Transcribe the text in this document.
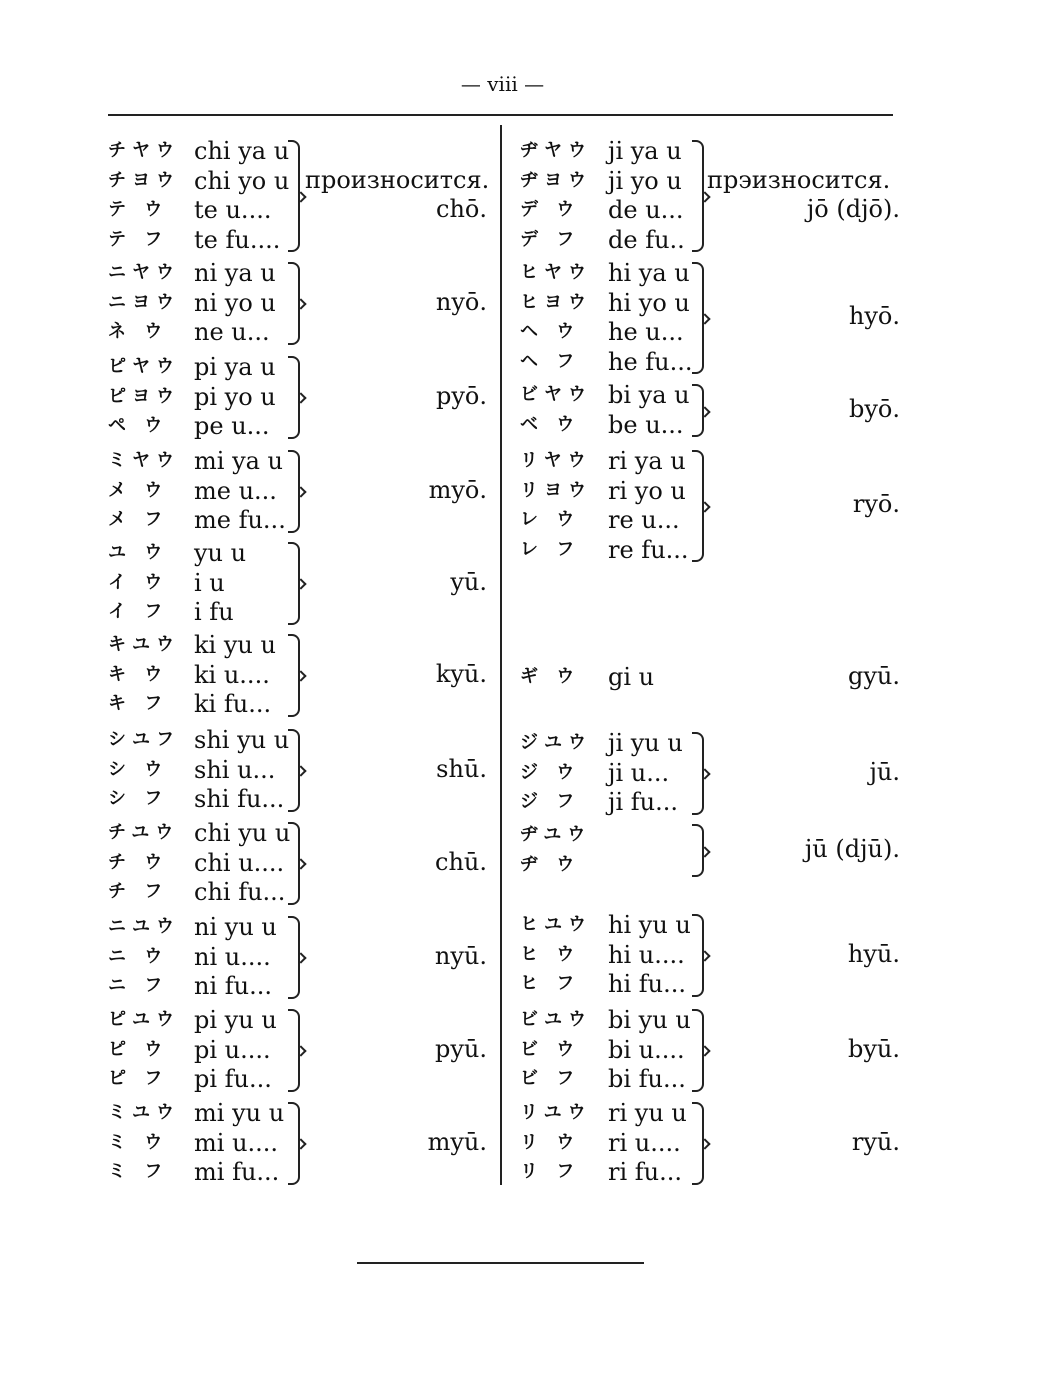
— viii —
チヤウ chi ya u
チヨウ chi yo u
テ ウ te u....
テ フ te fu....
произносится.
chō.
ニヤウ ni ya u
ニヨウ ni yo u
ネ ウ ne u...
nyō.
ピヤウ pi ya u
ピヨウ pi yo u
ペ ウ pe u...
pyō.
ミヤウ mi ya u
メ ウ me u...
メ フ me fu...
myō.
ユ ウ yu u
イ ウ i u
イ フ i fu
yū.
キユウ ki yu u
キ ウ ki u....
キ フ ki fu...
kyū.
シユフ shi yu u
シ ウ shi u...
シ フ shi fu...
shū.
チユウ chi yu u
チ ウ chi u....
チ フ chi fu...
chū.
ニユウ ni yu u
ニ ウ ni u....
ニ フ ni fu...
nyū.
ピユウ pi yu u
ピ ウ pi u....
ピ フ pi fu...
pyū.
ミユウ mi yu u
ミ ウ mi u....
ミ フ mi fu...
myū.
ヂヤウ ji ya u
ヂヨウ ji yo u
デ ウ de u...
デ フ de fu..
прэизносится.
jō (djō).
ヒヤウ hi ya u
ヒヨウ hi yo u
ヘ ウ he u...
ヘ フ he fu...
hyō.
ビヤウ bi ya u
ベ ウ be u...
byō.
リヤウ ri ya u
リヨウ ri yo u
レ ウ re u...
レ フ re fu...
ryō.
ギ ウ gi u	gyū.
ジユウ ji yu u
ジ ウ ji u...
ジ フ ji fu...
jū.
ヂユウ
ヂ ウ
jū (djū).
ヒユウ hi yu u
ヒ ウ hi u....
ヒ フ hi fu...
hyū.
ビユウ bi yu u
ビ ウ bi u....
ビ フ bi fu...
byū.
リユウ ri yu u
リ ウ ri u....
リ フ ri fu...
ryū.
